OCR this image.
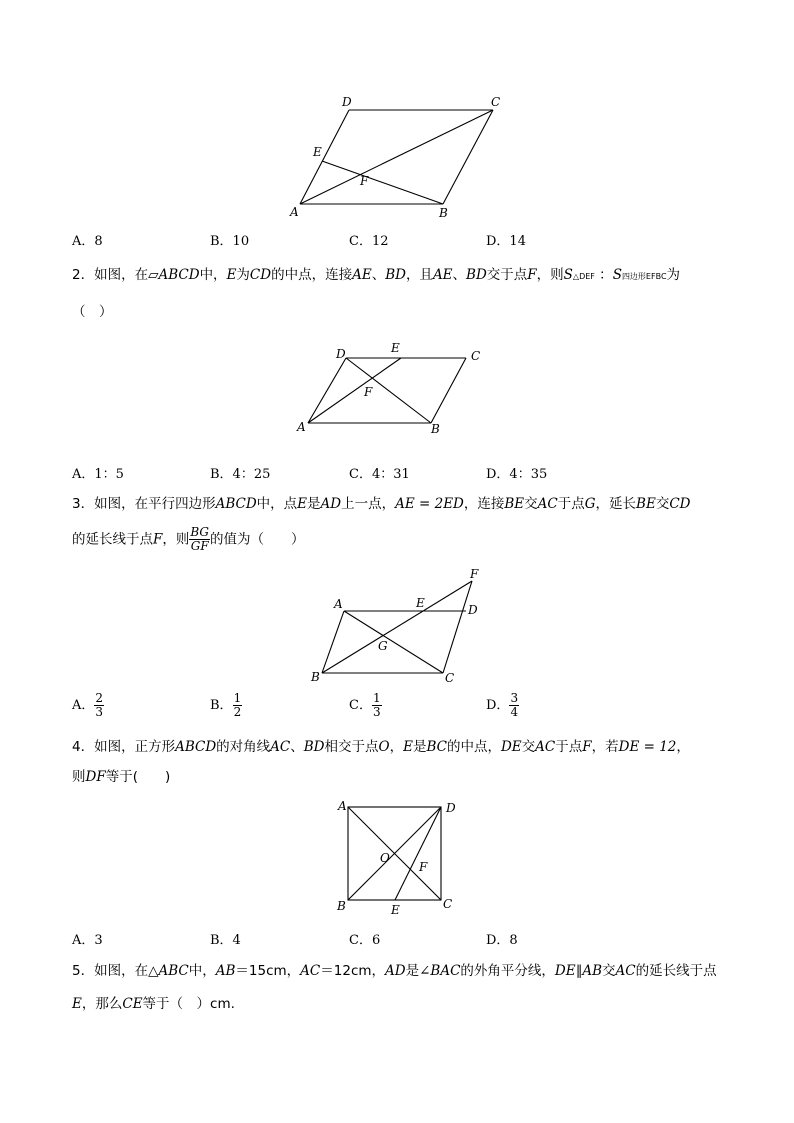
D	C
E
F
A	B
A．8	B．10	C．12	D．14
2．如图，在▱ABCD中，E为CD的中点，连接AE、BD，且AE、BD交于点F，则S△DEF ：S四边形EFBC为
（　）
D	E
C
F
A	B
A．1：5	B．4：25	C．4：31	D．4：35
3．如图，在平行四边形ABCD中，点E是AD上一点，AE = 2ED，连接BE交AC于点G，延长BE交CD
的延长线于点F，则 $\frac{BG}{GF}$ 的值为（　　）
F
A	E	D
G
B	C
A． $\frac{2}{3}$	B． $\frac{1}{2}$	C． $\frac{1}{3}$	D． $\frac{3}{4}$
4．如图，正方形ABCD的对角线AC、BD相交于点O，E是BC的中点，DE交AC于点F，若DE = 12，
则DF等于(　　)
A	D
O
F
B	E	C
A．3	B．4	C．6	D．8
5．如图，在△ABC中，AB＝15cm，AC＝12cm，AD是∠BAC的外角平分线，DE∥AB交AC的延长线于点
E，那么CE等于（　）cm.
